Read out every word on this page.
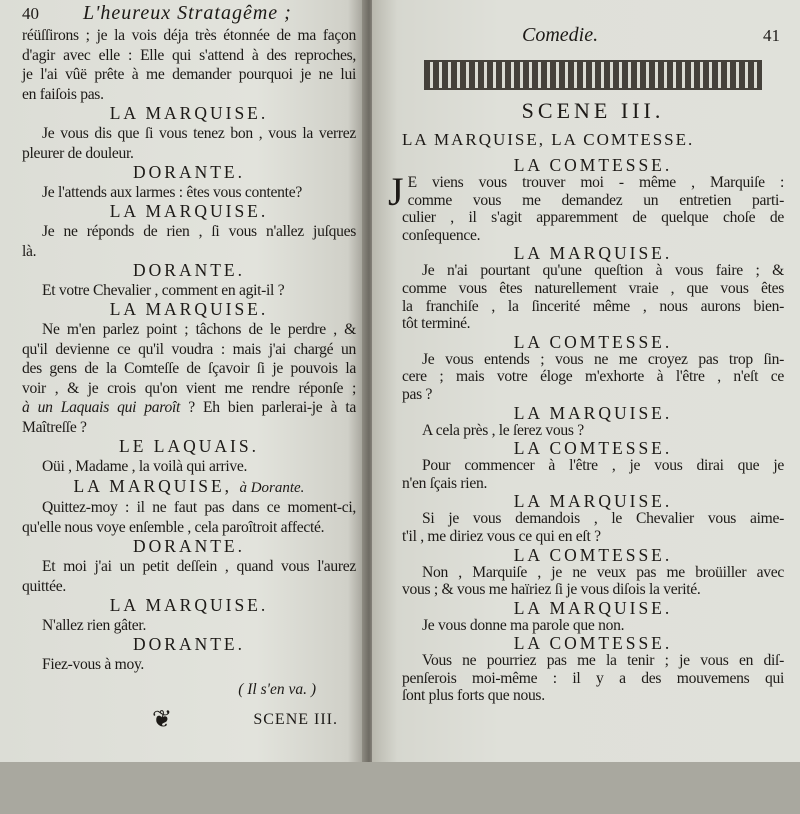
40 L'heureux Stratagême ;
réüſſirons ; je la vois déja très étonnée de ma façon
d'agir avec elle : Elle qui s'attend à des reproches,
je l'ai vûë prête à me demander pourquoi je ne lui
en faiſois pas.
LA MARQUISE.
Je vous dis que ſi vous tenez bon , vous la verrez
pleurer de douleur.
DORANTE.
Je l'attends aux larmes : êtes vous contente?
LA MARQUISE.
Je ne réponds de rien , ſi vous n'allez juſques
là.
DORANTE.
Et votre Chevalier , comment en agit-il ?
LA MARQUISE.
Ne m'en parlez point ; tâchons de le perdre , &
qu'il devienne ce qu'il voudra : mais j'ai chargé un
des gens de la Comteſſe de ſçavoir ſi je pouvois la
voir , & je crois qu'on vient me rendre réponſe ;
à un Laquais qui paroît ? Eh bien parlerai-je à ta
Maîtreſſe ?
LE LAQUAIS.
Oüi , Madame , la voilà qui arrive.
LA MARQUISE, à Dorante.
Quittez-moy : il ne faut pas dans ce moment-ci,
qu'elle nous voye enſemble , cela paroîtroit affecté.
DORANTE.
Et moi j'ai un petit deſſein , quand vous l'aurez
quittée.
LA MARQUISE.
N'allez rien gâter.
DORANTE.
Fiez-vous à moy.
( Il s'en va. )
❦	SCENE III.
Comedie.	41
SCENE III.
LA MARQUISE, LA COMTESSE.
LA COMTESSE.
J E viens vous trouver moi - même , Marquiſe :
comme vous me demandez un entretien parti-
culier , il s'agit apparemment de quelque choſe de
conſequence.
LA MARQUISE.
Je n'ai pourtant qu'une queſtion à vous faire ; &
comme vous êtes naturellement vraie , que vous êtes
la franchiſe , la ſincerité même , nous aurons bien-
tôt terminé.
LA COMTESSE.
Je vous entends ; vous ne me croyez pas trop ſin-
cere ; mais votre éloge m'exhorte à l'être , n'eſt ce
pas ?
LA MARQUISE.
A cela près , le ſerez vous ?
LA COMTESSE.
Pour commencer à l'être , je vous dirai que je
n'en ſçais rien.
LA MARQUISE.
Si je vous demandois , le Chevalier vous aime-
t'il , me diriez vous ce qui en eſt ?
LA COMTESSE.
Non , Marquiſe , je ne veux pas me broüiller avec
vous ; & vous me haïriez ſi je vous diſois la verité.
LA MARQUISE.
Je vous donne ma parole que non.
LA COMTESSE.
Vous ne pourriez pas me la tenir ; je vous en diſ-
penſerois moi-même : il y a des mouvemens qui
ſont plus forts que nous.
